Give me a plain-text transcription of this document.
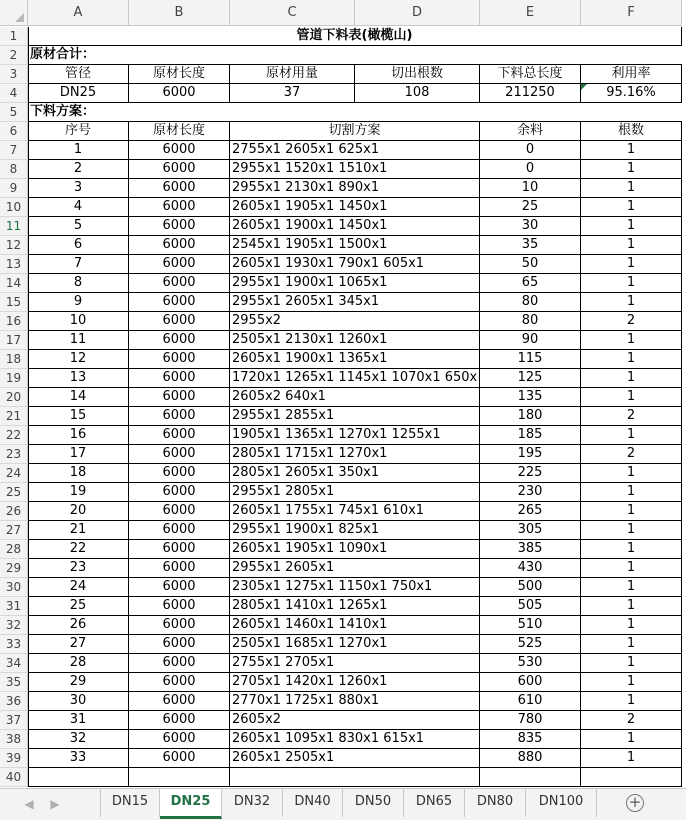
A	B	C	D	E	F
1
2
3
4
5
6
7
8
9
10
11
12
13
14
15
16
17
18
19
20
21
22
23
24
25
26
27
28
29
30
31
32
33
34
35
36
37
38
39
40
管道下料表(橄榄山)
原材合计：
管径	原材长度	原材用量	切出根数	下料总长度	利用率
DN25	6000	37	108	211250	95.16%
下料方案：
序号	原材长度	切割方案	余料	根数
1	6000	2755x1 2605x1 625x1	0	1
2	6000	2955x1 1520x1 1510x1	0	1
3	6000	2955x1 2130x1 890x1	10	1
4	6000	2605x1 1905x1 1450x1	25	1
5	6000	2605x1 1900x1 1450x1	30	1
6	6000	2545x1 1905x1 1500x1	35	1
7	6000	2605x1 1930x1 790x1 605x1	50	1
8	6000	2955x1 1900x1 1065x1	65	1
9	6000	2955x1 2605x1 345x1	80	1
10	6000	2955x2	80	2
11	6000	2505x1 2130x1 1260x1	90	1
12	6000	2605x1 1900x1 1365x1	115	1
13	6000	1720x1 1265x1 1145x1 1070x1 650x	125	1
14	6000	2605x2 640x1	135	1
15	6000	2955x1 2855x1	180	2
16	6000	1905x1 1365x1 1270x1 1255x1	185	1
17	6000	2805x1 1715x1 1270x1	195	2
18	6000	2805x1 2605x1 350x1	225	1
19	6000	2955x1 2805x1	230	1
20	6000	2605x1 1755x1 745x1 610x1	265	1
21	6000	2955x1 1900x1 825x1	305	1
22	6000	2605x1 1905x1 1090x1	385	1
23	6000	2955x1 2605x1	430	1
24	6000	2305x1 1275x1 1150x1 750x1	500	1
25	6000	2805x1 1410x1 1265x1	505	1
26	6000	2605x1 1460x1 1410x1	510	1
27	6000	2505x1 1685x1 1270x1	525	1
28	6000	2755x1 2705x1	530	1
29	6000	2705x1 1420x1 1260x1	600	1
30	6000	2770x1 1725x1 880x1	610	1
31	6000	2605x2	780	2
32	6000	2605x1 1095x1 830x1 615x1	835	1
33	6000	2605x1 2505x1	880	1
◀ ▶	DN15	DN25	DN32	DN40	DN50	DN65	DN80	DN100	+
